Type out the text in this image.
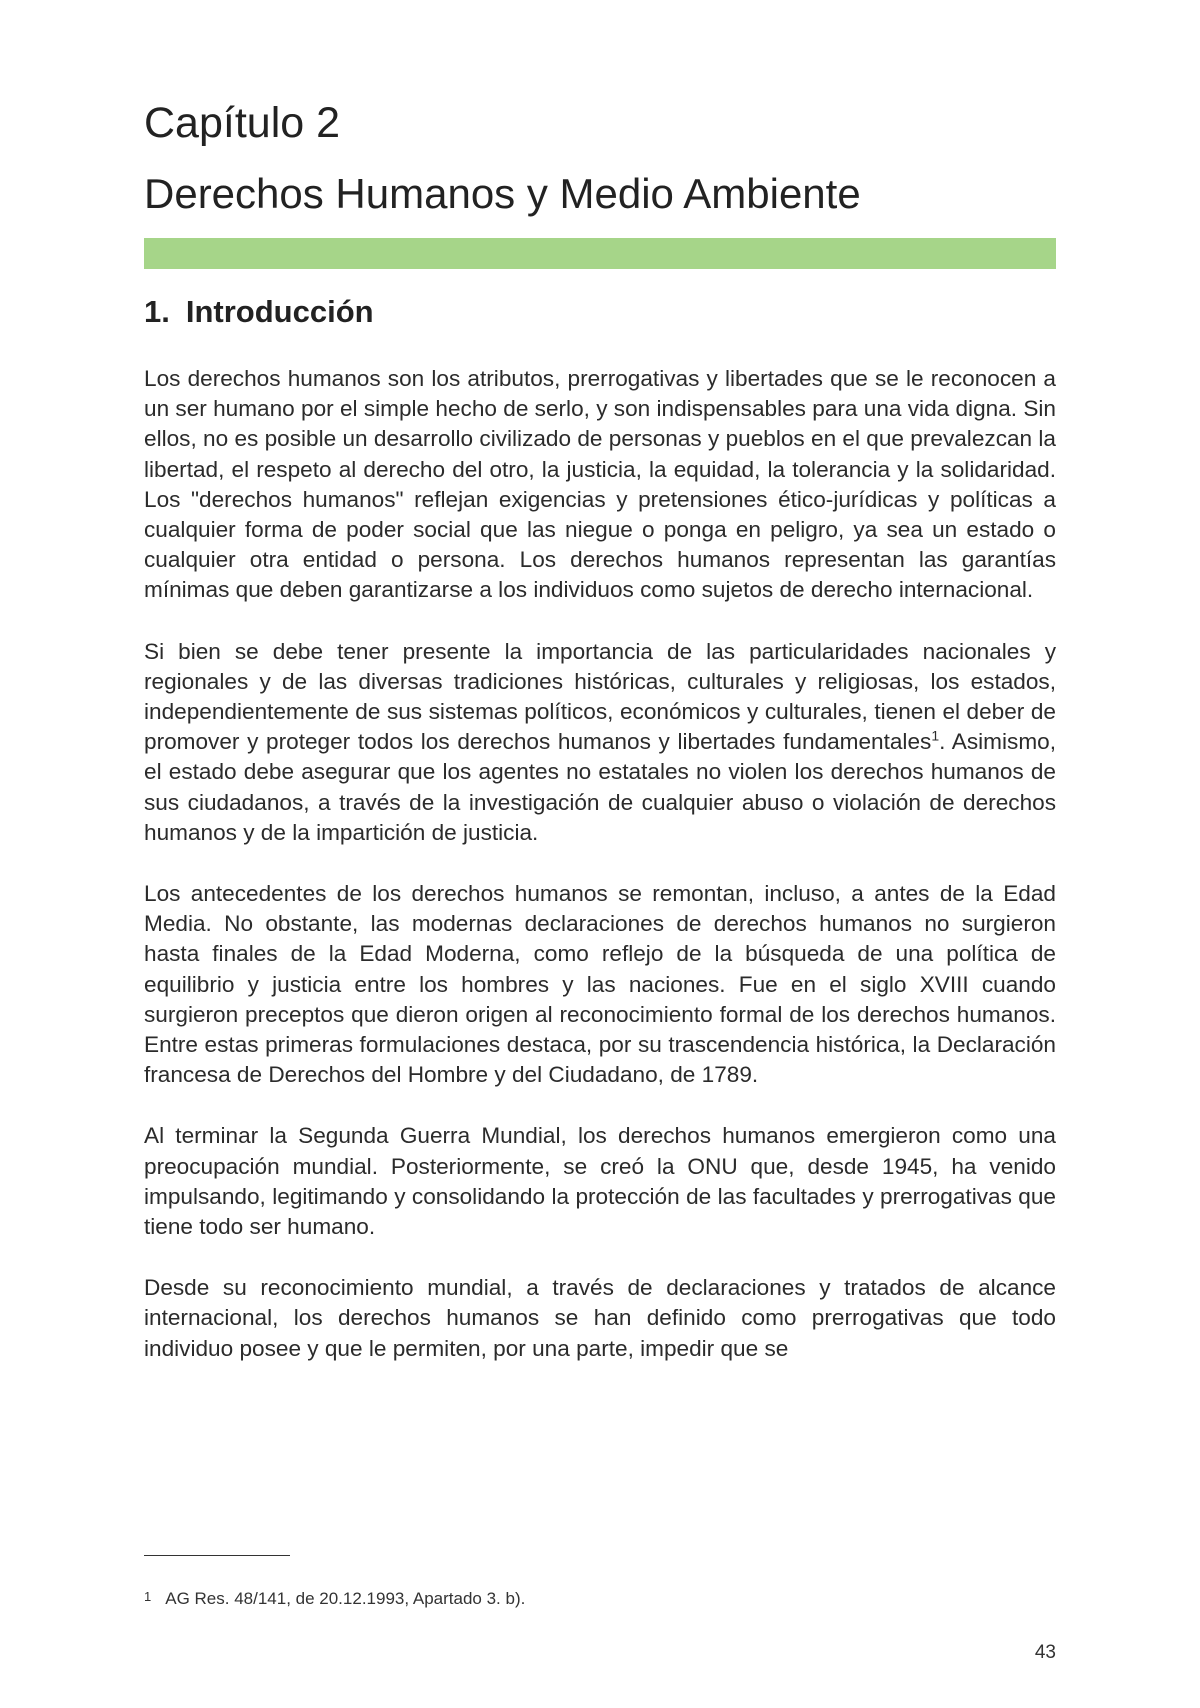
Capítulo 2
Derechos Humanos y Medio Ambiente
1. Introducción

Los derechos humanos son los atributos, prerrogativas y libertades que se le reconocen a un ser humano por el simple hecho de serlo, y son indispensables para una vida digna. Sin ellos, no es posible un desarrollo civilizado de personas y pueblos en el que prevalezcan la libertad, el respeto al derecho del otro, la justicia, la equidad, la tolerancia y la solidaridad. Los "derechos humanos" reflejan exigencias y pretensiones ético-jurídicas y políticas a cualquier forma de poder social que las niegue o ponga en peligro, ya sea un estado o cualquier otra entidad o persona. Los derechos humanos representan las garantías mínimas que deben garantizarse a los individuos como sujetos de derecho internacional.

Si bien se debe tener presente la importancia de las particularidades nacionales y regionales y de las diversas tradiciones históricas, culturales y religiosas, los estados, independientemente de sus sistemas políticos, económicos y culturales, tienen el deber de promover y proteger todos los derechos humanos y libertades fundamentales$^1$. Asimismo, el estado debe asegurar que los agentes no estatales no violen los derechos humanos de sus ciudadanos, a través de la investigación de cualquier abuso o violación de derechos humanos y de la impartición de justicia.

Los antecedentes de los derechos humanos se remontan, incluso, a antes de la Edad Media. No obstante, las modernas declaraciones de derechos humanos no surgieron hasta finales de la Edad Moderna, como reflejo de la búsqueda de una política de equilibrio y justicia entre los hombres y las naciones. Fue en el siglo XVIII cuando surgieron preceptos que dieron origen al reconocimiento formal de los derechos humanos. Entre estas primeras formulaciones destaca, por su trascendencia histórica, la Declaración francesa de Derechos del Hombre y del Ciudadano, de 1789.

Al terminar la Segunda Guerra Mundial, los derechos humanos emergieron como una preocupación mundial. Posteriormente, se creó la ONU que, desde 1945, ha venido impulsando, legitimando y consolidando la protección de las facultades y prerrogativas que tiene todo ser humano.

Desde su reconocimiento mundial, a través de declaraciones y tratados de alcance internacional, los derechos humanos se han definido como prerrogativas que todo individuo posee y que le permiten, por una parte, impedir que se

$^1$ AG Res. 48/141, de 20.12.1993, Apartado 3. b).
43
